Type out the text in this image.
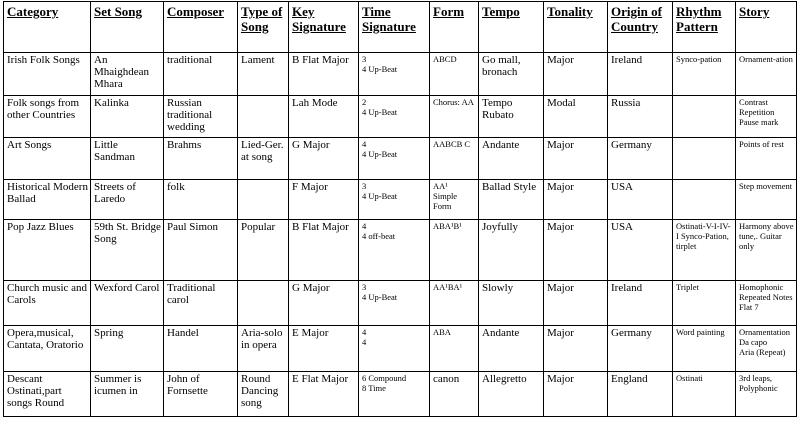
Category	Set Song	Composer	Type of Song	Key Signature	Time Signature	Form	Tempo	Tonality	Origin of Country	Rhythm Pattern	Story

Irish Folk Songs	An Mhaighdean Mhara	traditional	Lament	B Flat Major	3
4 Up-Beat	ABCD	Go mall, bronach	Major	Ireland	Synco-pation	Ornament-ation

Folk songs from other Countries	Kalinka	Russian traditional wedding		Lah Mode	2
4 Up-Beat	Chorus: AA	Tempo Rubato	Modal	Russia		Contrast
Repetition
Pause mark

Art Songs	Little Sandman	Brahms	Lied-Ger. at song	G Major	4
4 Up-Beat	AABCB C	Andante	Major	Germany		Points of rest

Historical Modern Ballad	Streets of Laredo	folk		F Major	3
4 Up-Beat	AA¹
Simple Form	Ballad Style	Major	USA		Step movement

Pop Jazz Blues	59th St. Bridge Song	Paul Simon	Popular	B Flat Major	4
4 off-beat	ABA¹B¹	Joyfully	Major	USA	Ostinati-V-I-IV-I Synco-Pation, tirplet	Harmony above tune,. Guitar only

Church music and Carols	Wexford Carol	Traditional carol		G Major	3
4 Up-Beat	AA¹BA¹	Slowly	Major	Ireland	Triplet	Homophonic
Repeated Notes
Flat 7

Opera,musical, Cantata, Oratorio	Spring	Handel	Aria-solo in opera	E Major	4
4	ABA	Andante	Major	Germany	Word painting	Ornamentation
Da capo
Aria (Repeat)

Descant Ostinati,part songs Round	Summer is icumen in	John of Fornsette	Round Dancing song	E Flat Major	6 Compound
8 Time	canon	Allegretto	Major	England	Ostinati	3rd leaps, Polyphonic
